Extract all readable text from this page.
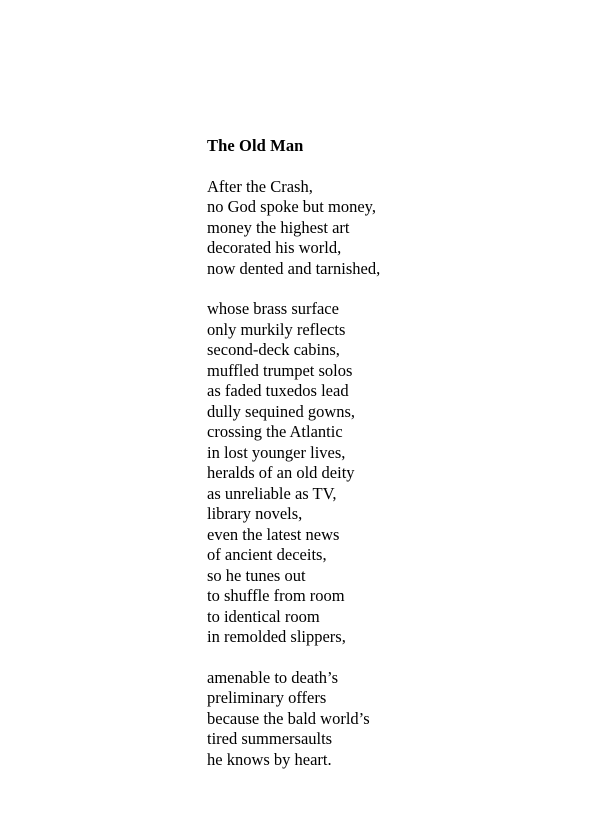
The Old Man
After the Crash,
no God spoke but money,
money the highest art
decorated his world,
now dented and tarnished,
whose brass surface
only murkily reflects
second-deck cabins,
muffled trumpet solos
as faded tuxedos lead
dully sequined gowns,
crossing the Atlantic
in lost younger lives,
heralds of an old deity
as unreliable as TV,
library novels,
even the latest news
of ancient deceits,
so he tunes out
to shuffle from room
to identical room
in remolded slippers,
amenable to death’s
preliminary offers
because the bald world’s
tired summersaults
he knows by heart.
